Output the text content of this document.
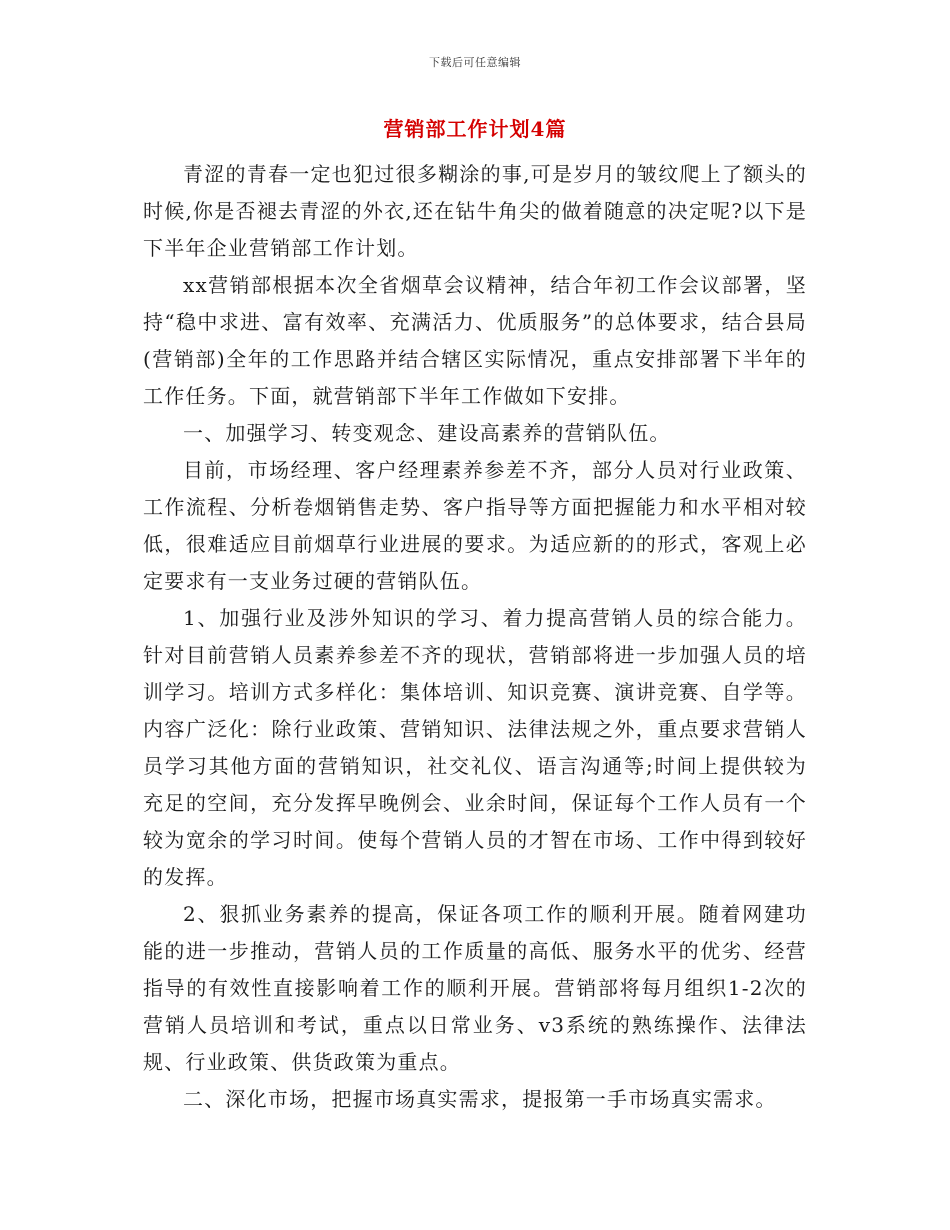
下载后可任意编辑
营销部工作计划4篇

青涩的青春一定也犯过很多糊涂的事,可是岁月的皱纹爬上了额头的时候,你是否褪去青涩的外衣,还在钻牛角尖的做着随意的决定呢?以下是下半年企业营销部工作计划。

xx营销部根据本次全省烟草会议精神，结合年初工作会议部署，坚持“稳中求进、富有效率、充满活力、优质服务”的总体要求，结合县局(营销部)全年的工作思路并结合辖区实际情况，重点安排部署下半年的工作任务。下面，就营销部下半年工作做如下安排。

一、加强学习、转变观念、建设高素养的营销队伍。

目前，市场经理、客户经理素养参差不齐，部分人员对行业政策、工作流程、分析卷烟销售走势、客户指导等方面把握能力和水平相对较低，很难适应目前烟草行业进展的要求。为适应新的的形式，客观上必定要求有一支业务过硬的营销队伍。

1、加强行业及涉外知识的学习、着力提高营销人员的综合能力。针对目前营销人员素养参差不齐的现状，营销部将进一步加强人员的培训学习。培训方式多样化：集体培训、知识竞赛、演讲竞赛、自学等。内容广泛化：除行业政策、营销知识、法律法规之外，重点要求营销人员学习其他方面的营销知识，社交礼仪、语言沟通等;时间上提供较为充足的空间，充分发挥早晚例会、业余时间，保证每个工作人员有一个较为宽余的学习时间。使每个营销人员的才智在市场、工作中得到较好的发挥。

2、狠抓业务素养的提高，保证各项工作的顺利开展。随着网建功能的进一步推动，营销人员的工作质量的高低、服务水平的优劣、经营指导的有效性直接影响着工作的顺利开展。营销部将每月组织1-2次的营销人员培训和考试，重点以日常业务、v3系统的熟练操作、法律法规、行业政策、供货政策为重点。

二、深化市场，把握市场真实需求，提报第一手市场真实需求。
